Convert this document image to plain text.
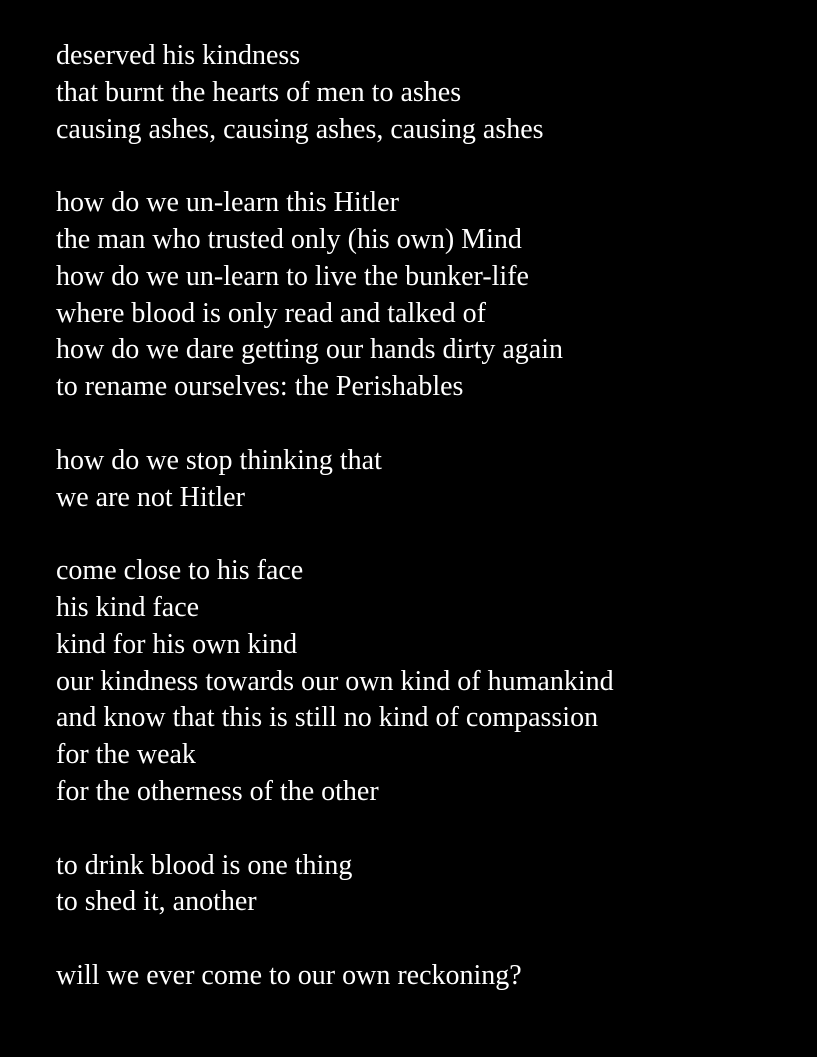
deserved his kindness
that burnt the hearts of men to ashes
causing ashes, causing ashes, causing ashes
how do we un-learn this Hitler
the man who trusted only (his own) Mind
how do we un-learn to live the bunker-life
where blood is only read and talked of
how do we dare getting our hands dirty again
to rename ourselves: the Perishables
how do we stop thinking that
we are not Hitler
come close to his face
his kind face
kind for his own kind
our kindness towards our own kind of humankind
and know that this is still no kind of compassion
for the weak
for the otherness of the other
to drink blood is one thing
to shed it, another
will we ever come to our own reckoning?
